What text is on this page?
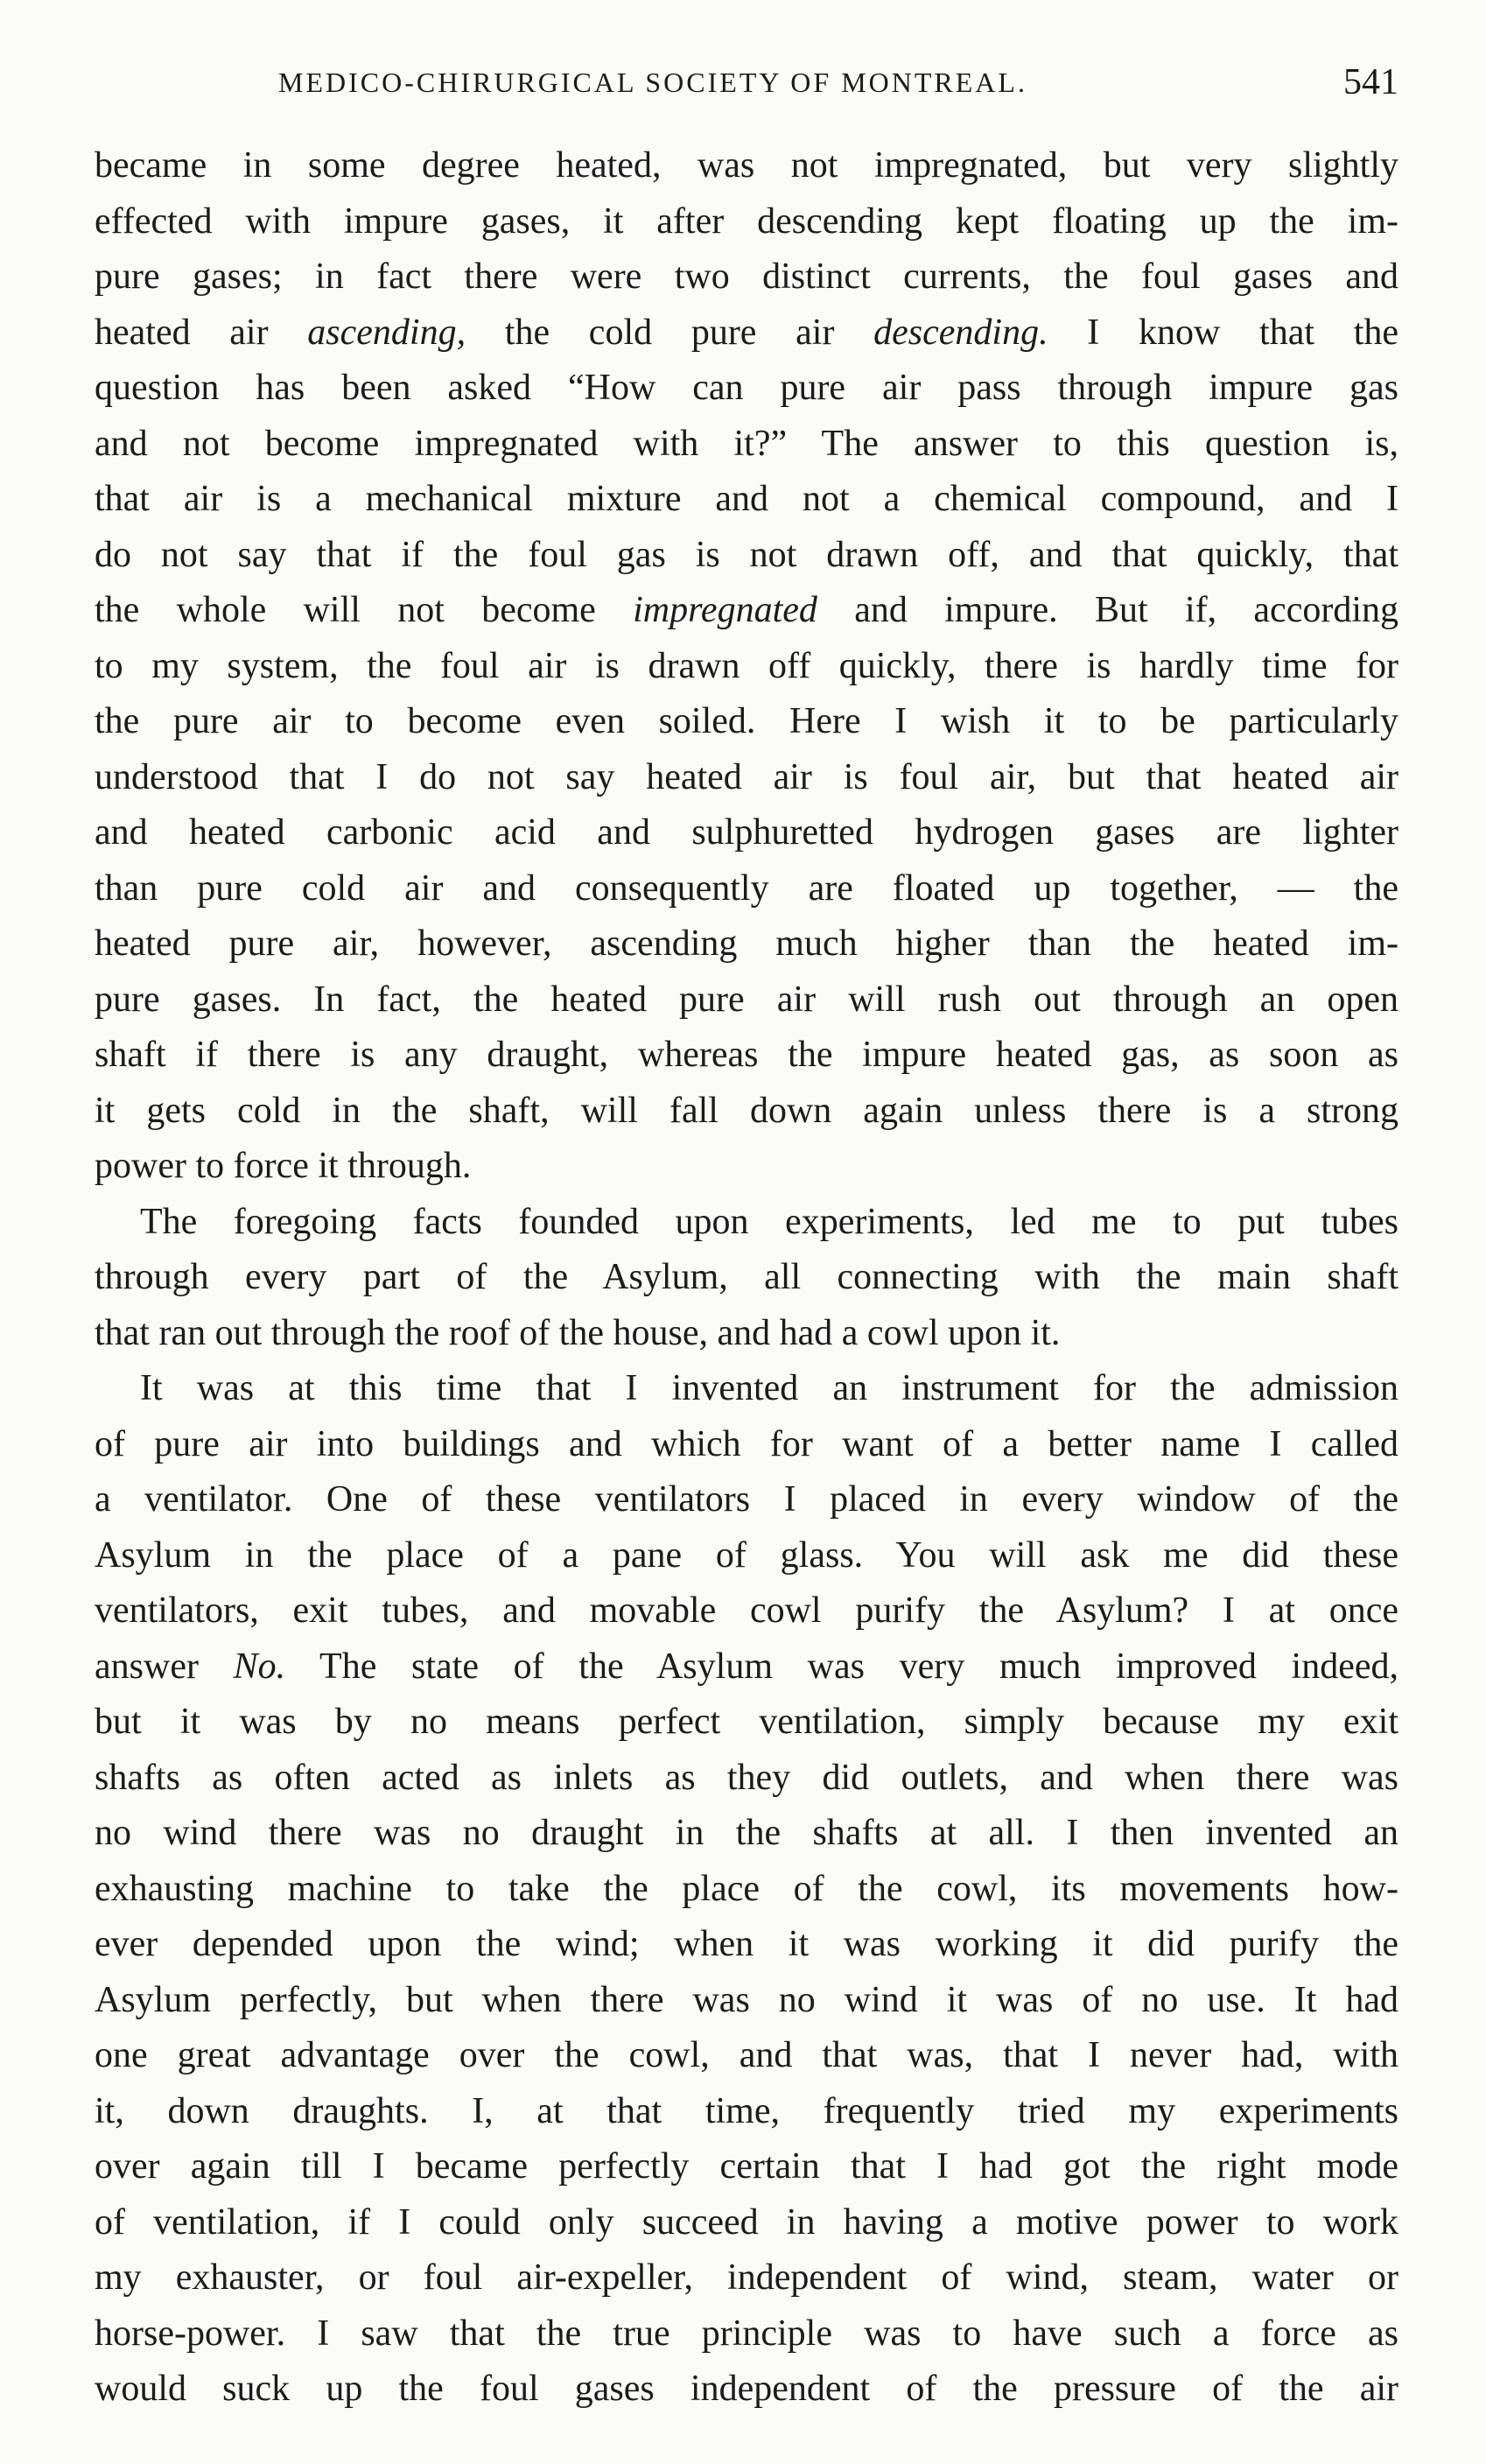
MEDICO-CHIRURGICAL SOCIETY OF MONTREAL.	541

became in some degree heated, was not impregnated, but very slightly
effected with impure gases, it after descending kept floating up the im-
pure gases; in fact there were two distinct currents, the foul gases and
heated air ascending, the cold pure air descending. I know that the
question has been asked “How can pure air pass through impure gas
and not become impregnated with it?” The answer to this question is,
that air is a mechanical mixture and not a chemical compound, and I
do not say that if the foul gas is not drawn off, and that quickly, that
the whole will not become impregnated and impure. But if, according
to my system, the foul air is drawn off quickly, there is hardly time for
the pure air to become even soiled. Here I wish it to be particularly
understood that I do not say heated air is foul air, but that heated air
and heated carbonic acid and sulphuretted hydrogen gases are lighter
than pure cold air and consequently are floated up together, — the
heated pure air, however, ascending much higher than the heated im-
pure gases. In fact, the heated pure air will rush out through an open
shaft if there is any draught, whereas the impure heated gas, as soon as
it gets cold in the shaft, will fall down again unless there is a strong
power to force it through.

The foregoing facts founded upon experiments, led me to put tubes
through every part of the Asylum, all connecting with the main shaft
that ran out through the roof of the house, and had a cowl upon it.

It was at this time that I invented an instrument for the admission
of pure air into buildings and which for want of a better name I called
a ventilator. One of these ventilators I placed in every window of the
Asylum in the place of a pane of glass. You will ask me did these
ventilators, exit tubes, and movable cowl purify the Asylum? I at once
answer No. The state of the Asylum was very much improved indeed,
but it was by no means perfect ventilation, simply because my exit
shafts as often acted as inlets as they did outlets, and when there was
no wind there was no draught in the shafts at all. I then invented an
exhausting machine to take the place of the cowl, its movements how-
ever depended upon the wind; when it was working it did purify the
Asylum perfectly, but when there was no wind it was of no use. It had
one great advantage over the cowl, and that was, that I never had, with
it, down draughts. I, at that time, frequently tried my experiments
over again till I became perfectly certain that I had got the right mode
of ventilation, if I could only succeed in having a motive power to work
my exhauster, or foul air-expeller, independent of wind, steam, water or
horse-power. I saw that the true principle was to have such a force as
would suck up the foul gases independent of the pressure of the air
